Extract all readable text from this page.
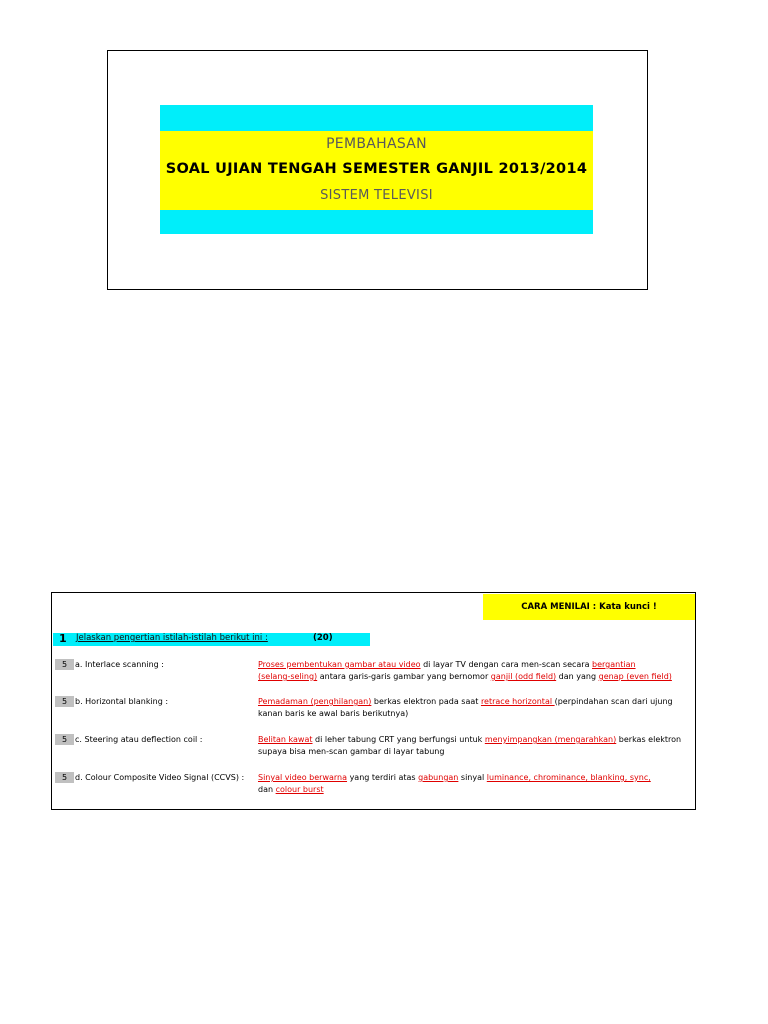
PEMBAHASAN
SOAL UJIAN TENGAH SEMESTER GANJIL 2013/2014
SISTEM TELEVISI
CARA MENILAI : Kata kunci !
1 Jelaskan pengertian istilah-istilah berikut ini :	(20)
5 a. Interlace scanning :	Proses pembentukan gambar atau video di layar TV dengan cara men-scan secara bergantian
(selang-seling) antara garis-garis gambar yang bernomor ganjil (odd field) dan yang genap (even field)
5 b. Horizontal blanking :	Pemadaman (penghilangan) berkas elektron pada saat retrace horizontal (perpindahan scan dari ujung
kanan baris ke awal baris berikutnya)
5 c. Steering atau deflection coil :	Belitan kawat di leher tabung CRT yang berfungsi untuk menyimpangkan (mengarahkan) berkas elektron
supaya bisa men-scan gambar di layar tabung
5 d. Colour Composite Video Signal (CCVS) : Sinyal video berwarna yang terdiri atas gabungan sinyal luminance, chrominance, blanking, sync,
dan colour burst
